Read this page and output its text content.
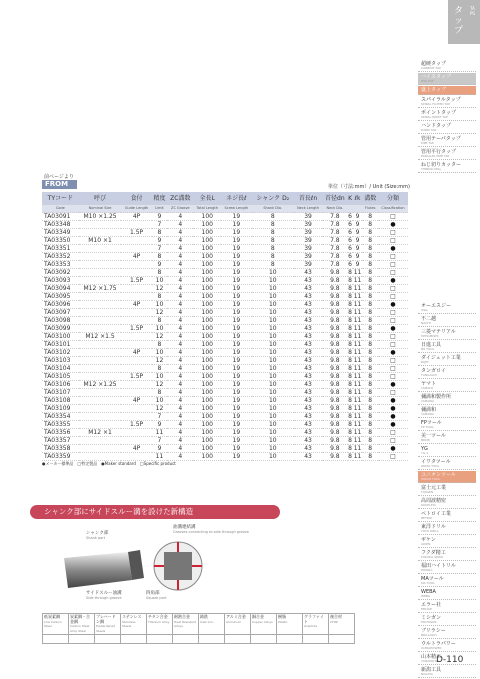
タップ
TAPS
超硬タップ
CARBIDE TAP
ハイスタップ
HSS TAP
盛上タップ
スパイラルタップ
SPIRAL FLUTED TAP
ポイントタップ
SPIRAL POINT TAP
ハンドタップ
HAND TAP
管用テーパタップ
PIPE TAP
管用平行タップ
PARALLEL PIPE TAP
ねじ切りカッター
THREAD MILL
オーエスジー
OSG
不二越
NACHI
三菱マテリアル
MITSUBISHI
日進工具
NS TOOL
ダイジェット工業
DIJET
タンガロイ
TUNGALOY
ヤマト
YAMATO
彌満和製作所
YAMAWA
彌満和
YAMAWA
FPツール
FP TOOL
美一ツール
BIICHI
YG
YG-1
イワタツール
IWATA TOOL
ユニオンツール
UNION TOOL
富士元工業
FUJIGEN
高周波精密
KOSHUHA
ベトロイ工業
BETROI
東洋ドリル
TOYO DRILL
ギケン
GIKEN
フクダ精工
FUKUDA SEIKO
福田ハイトリル
HIDRILL
MAツール
MA TOOL
WEBA
WEBA
エラー社
EMUGE
ミシガン
MICHIGAN
ブリラシー
BRILLASSY
ウルトラパワー
ULTRAPOWER
山本精工
YAMAMOTO
新潟工具
NIIGATA
前ページより
FROM	単位（寸法:mm）/ Unit (Size:mm)
TYコード	呼び	食付	精度	ZC溝数	全長L	ネジ長ℓ	シャンク D₂	首長ℓn	首径dn	K	ℓk	溝数	分類
Code	Nominal Size	Guide Length	Limit	ZC Groove	Total Length	Screw Length	Shank Dia.	Neck Length	Neck Dia.			Flutes	Classification
TA03091	M10 ×1.25	4P	9	4	100	19	8	39	7.8	6	9	8	□
TA03348			7	4	100	19	8	39	7.8	6	9	8	●
TA03349		1.5P	8	4	100	19	8	39	7.8	6	9	8	□
TA03350	M10 ×1		9	4	100	19	8	39	7.8	6	9	8	□
TA03351			7	4	100	19	8	39	7.8	6	9	8	●
TA03352		4P	8	4	100	19	8	39	7.8	6	9	8	□
TA03353			9	4	100	19	8	39	7.8	6	9	8	□
TA03092			8	4	100	19	10	43	9.8	8	11	8	□
TA03093		1.5P	10	4	100	19	10	43	9.8	8	11	8	●
TA03094	M12 ×1.75		12	4	100	19	10	43	9.8	8	11	8	□
TA03095			8	4	100	19	10	43	9.8	8	11	8	□
TA03096		4P	10	4	100	19	10	43	9.8	8	11	8	●
TA03097			12	4	100	19	10	43	9.8	8	11	8	□
TA03098			8	4	100	19	10	43	9.8	8	11	8	□
TA03099		1.5P	10	4	100	19	10	43	9.8	8	11	8	●
TA03100	M12 ×1.5		12	4	100	19	10	43	9.8	8	11	8	□
TA03101			8	4	100	19	10	43	9.8	8	11	8	□
TA03102		4P	10	4	100	19	10	43	9.8	8	11	8	●
TA03103			12	4	100	19	10	43	9.8	8	11	8	□
TA03104			8	4	100	19	10	43	9.8	8	11	8	□
TA03105		1.5P	10	4	100	19	10	43	9.8	8	11	8	□
TA03106	M12 ×1.25		12	4	100	19	10	43	9.8	8	11	8	●
TA03107			8	4	100	19	10	43	9.8	8	11	8	□
TA03108		4P	10	4	100	19	10	43	9.8	8	11	8	●
TA03109			12	4	100	19	10	43	9.8	8	11	8	●
TA03354			7	4	100	19	10	43	9.8	8	11	8	●
TA03355		1.5P	9	4	100	19	10	43	9.8	8	11	8	●
TA03356	M12 ×1		11	4	100	19	10	43	9.8	8	11	8	□
TA03357			7	4	100	19	10	43	9.8	8	11	8	□
TA03358		4P	9	4	100	19	10	43	9.8	8	11	8	●
TA03359			11	4	100	19	10	43	9.8	8	11	8	□
●メーカー標準品　□特定製品　●Maker standard　□Specific product
シャンク部にサイドスルー溝を設けた新構造
シャンク部
Shank part
油溝連結溝
Grooves connecting to side through groove
サイドスルー油溝
Side through groove
四角部
Square part
低炭素鋼
Low Carbon Steel	炭素鋼・合金鋼
Carbon Steel Alloy Steel	プレハードン鋼
Prehardened Steels	ステンレス
Stainless Steels	チタン合金
Titanium Alloy	耐熱合金
Heat Resistant Alloys	鋳鉄
Cast Iron	アルミ合金
Aluminum	銅合金
Copper Alloys	樹脂
Plastic	グラファイト
Graphite	複合材
CFRP

D-110
